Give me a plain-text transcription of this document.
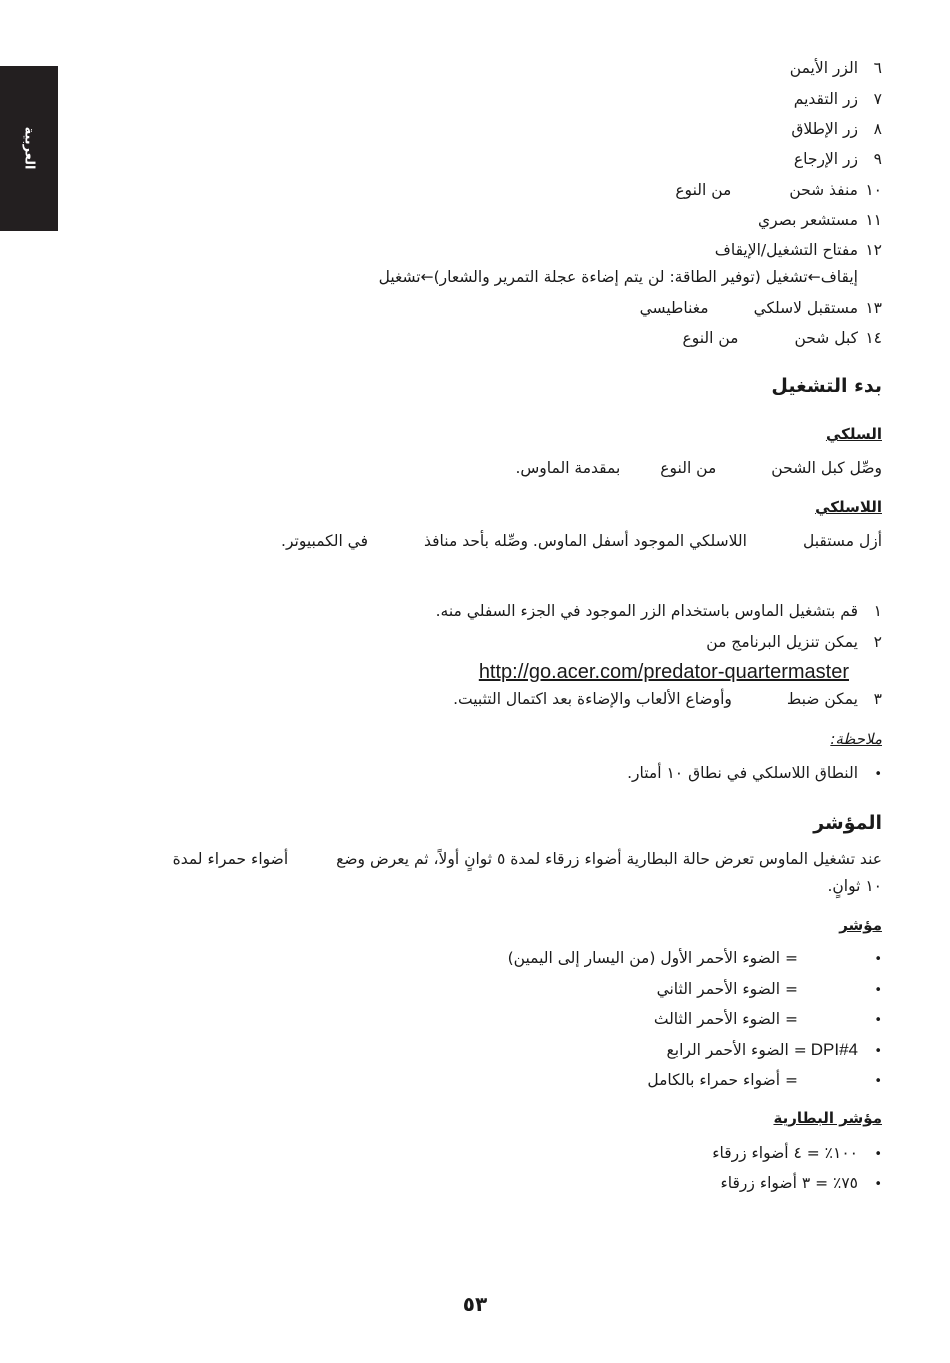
العربية
٦الزر الأيمن
٧زر التقديم
٨زر الإطلاق
٩زر الإرجاع
١٠منفذ شحنمن النوع
١١مستشعر بصري
١٢مفتاح التشغيل/الإيقاف
إيقاف←تشغيل (توفير الطاقة: لن يتم إضاءة عجلة التمرير والشعار)←تشغيل
١٣مستقبل لاسلكيمغناطيسي
١٤كبل شحنمن النوع
بدء التشغيل
السلكي
وصِّل كبل الشحنمن النوعبمقدمة الماوس.
اللاسلكي
أزل مستقبلاللاسلكي الموجود أسفل الماوس. وصِّله بأحد منافذفي الكمبيوتر.
١قم بتشغيل الماوس باستخدام الزر الموجود في الجزء السفلي منه.
٢يمكن تنزيل البرنامج من
http://go.acer.com/predator-quartermaster
٣يمكن ضبطوأوضاع الألعاب والإضاءة بعد اكتمال التثبيت.
ملاحظة:
•النطاق اللاسلكي في نطاق ١٠ أمتار.
المؤشر
عند تشغيل الماوس تعرض حالة البطارية أضواء زرقاء لمدة ٥ ثوانٍ أولاً، ثم يعرض وضعأضواء حمراء لمدة
١٠ ثوانٍ.
مؤشر
•= الضوء الأحمر الأول (من اليسار إلى اليمين)
•= الضوء الأحمر الثاني
•= الضوء الأحمر الثالث
•DPI#4= الضوء الأحمر الرابع
•= أضواء حمراء بالكامل
مؤشر البطارية
•١٠٠٪ = ٤ أضواء زرقاء
•٧٥٪ = ٣ أضواء زرقاء
٥٣
